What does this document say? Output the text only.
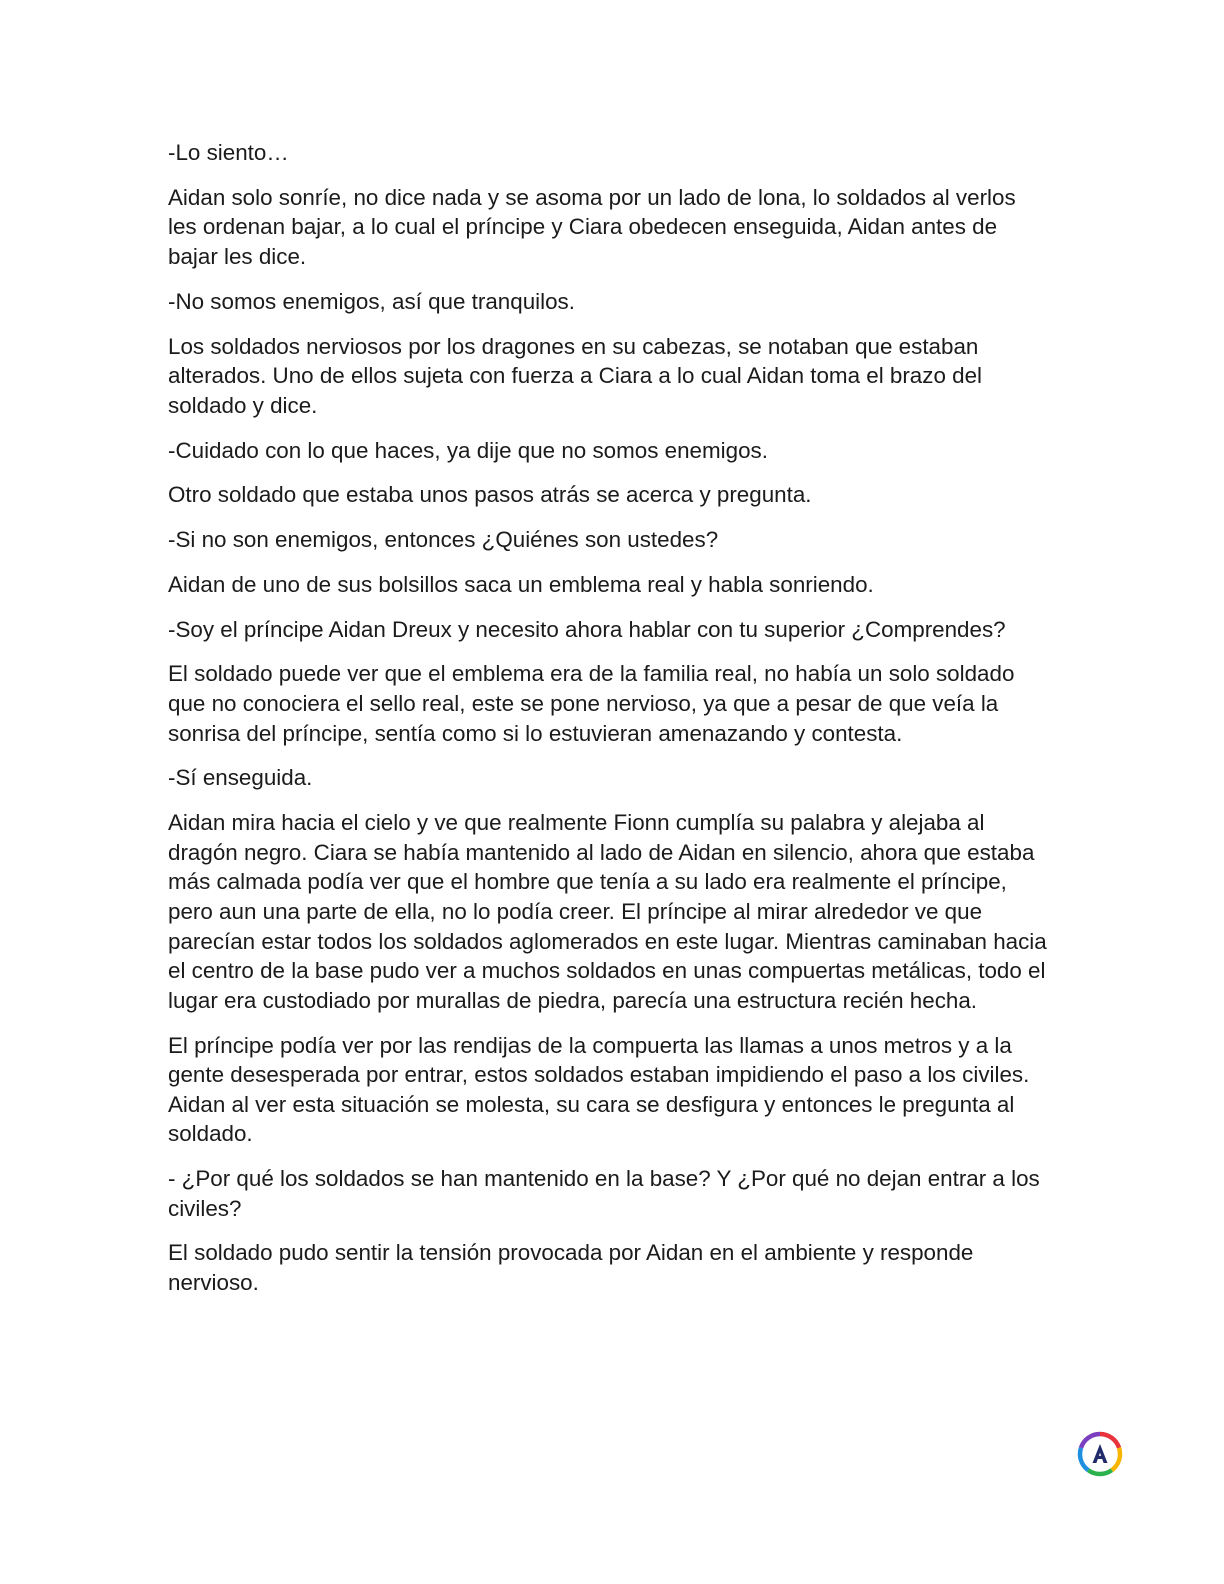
-Lo siento…

Aidan solo sonríe, no dice nada y se asoma por un lado de lona, lo soldados al verlos les ordenan bajar, a lo cual el príncipe y Ciara obedecen enseguida, Aidan antes de bajar les dice.

-No somos enemigos, así que tranquilos.

Los soldados nerviosos por los dragones en su cabezas, se notaban que estaban alterados. Uno de ellos sujeta con fuerza a Ciara a lo cual Aidan toma el brazo del soldado y dice.

-Cuidado con lo que haces, ya dije que no somos enemigos.

Otro soldado que estaba unos pasos atrás se acerca y pregunta.

-Si no son enemigos, entonces ¿Quiénes son ustedes?

Aidan de uno de sus bolsillos saca un emblema real y habla sonriendo.

-Soy el príncipe Aidan Dreux y necesito ahora hablar con tu superior ¿Comprendes?

El soldado puede ver que el emblema era de la familia real, no había un solo soldado que no conociera el sello real, este se pone nervioso, ya que a pesar de que veía la sonrisa del príncipe, sentía como si lo estuvieran amenazando y contesta.

-Sí enseguida.

Aidan mira hacia el cielo y ve que realmente Fionn cumplía su palabra y alejaba al dragón negro. Ciara se había mantenido al lado de Aidan en silencio, ahora que estaba más calmada podía ver que el hombre que tenía a su lado era realmente el príncipe, pero aun una parte de ella, no lo podía creer. El príncipe al mirar alrededor ve que parecían estar todos los soldados aglomerados en este lugar. Mientras caminaban hacia el centro de la base pudo ver a muchos soldados en unas compuertas metálicas, todo el lugar era custodiado por murallas de piedra, parecía una estructura recién hecha.

El príncipe podía ver por las rendijas de la compuerta las llamas a unos metros y a la gente desesperada por entrar, estos soldados estaban impidiendo el paso a los civiles. Aidan al ver esta situación se molesta, su cara se desfigura y entonces le pregunta al soldado.

- ¿Por qué los soldados se han mantenido en la base? Y ¿Por qué no dejan entrar a los civiles?

El soldado pudo sentir la tensión provocada por Aidan en el ambiente y responde nervioso.
